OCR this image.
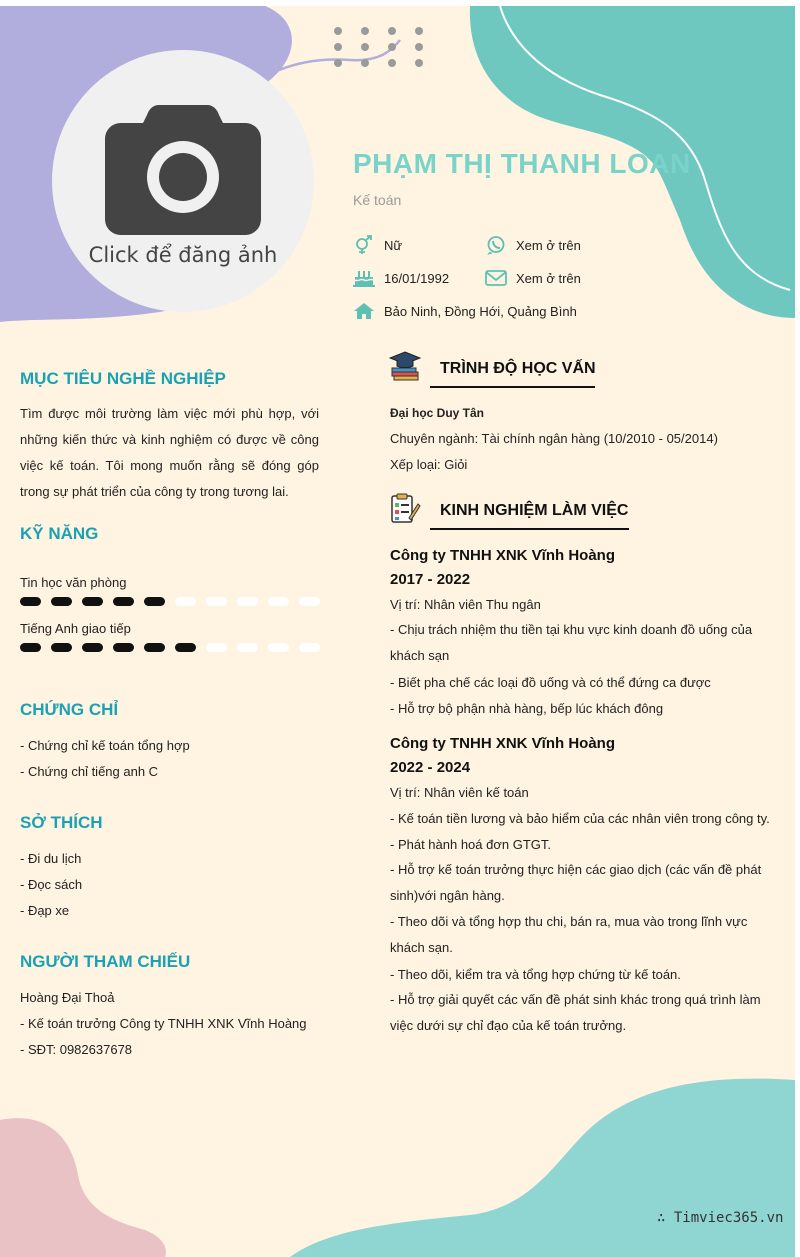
Click để đăng ảnh
PHẠM THỊ THANH LOAN
Kế toán
Nữ	Xem ở trên
16/01/1992	Xem ở trên
Bảo Ninh, Đồng Hới, Quảng Bình
MỤC TIÊU NGHỀ NGHIỆP
Tìm được môi trường làm việc mới phù hợp, với những kiến thức và kinh nghiệm có được về công việc kế toán. Tôi mong muốn rằng sẽ đóng góp trong sự phát triển của công ty trong tương lai.
KỸ NĂNG
Tin học văn phòng
Tiếng Anh giao tiếp
CHỨNG CHỈ
- Chứng chỉ kế toán tổng hợp
- Chứng chỉ tiếng anh C
SỞ THÍCH
- Đi du lịch
- Đọc sách
- Đạp xe
NGƯỜI THAM CHIẾU
Hoàng Đại Thoả
- Kế toán trưởng Công ty TNHH XNK Vĩnh Hoàng
- SĐT: 0982637678
TRÌNH ĐỘ HỌC VẤN
Đại học Duy Tân
Chuyên ngành: Tài chính ngân hàng (10/2010 - 05/2014)
Xếp loại: Giỏi
KINH NGHIỆM LÀM VIỆC
Công ty TNHH XNK Vĩnh Hoàng
2017 - 2022
Vị trí: Nhân viên Thu ngân
- Chịu trách nhiệm thu tiền tại khu vực kinh doanh đồ uống của khách sạn
- Biết pha chế các loại đồ uống và có thể đứng ca được
- Hỗ trợ bộ phận nhà hàng, bếp lúc khách đông
Công ty TNHH XNK Vĩnh Hoàng
2022 - 2024
Vị trí: Nhân viên kế toán
- Kế toán tiền lương và bảo hiểm của các nhân viên trong công ty.
- Phát hành hoá đơn GTGT.
- Hỗ trợ kế toán trưởng thực hiện các giao dịch (các vấn đề phát sinh)với ngân hàng.
- Theo dõi và tổng hợp thu chi, bán ra, mua vào trong lĩnh vực khách sạn.
- Theo dõi, kiểm tra và tổng hợp chứng từ kế toán.
- Hỗ trợ giải quyết các vấn đề phát sinh khác trong quá trình làm việc dưới sự chỉ đạo của kế toán trưởng.
∴ Timviec365.vn
